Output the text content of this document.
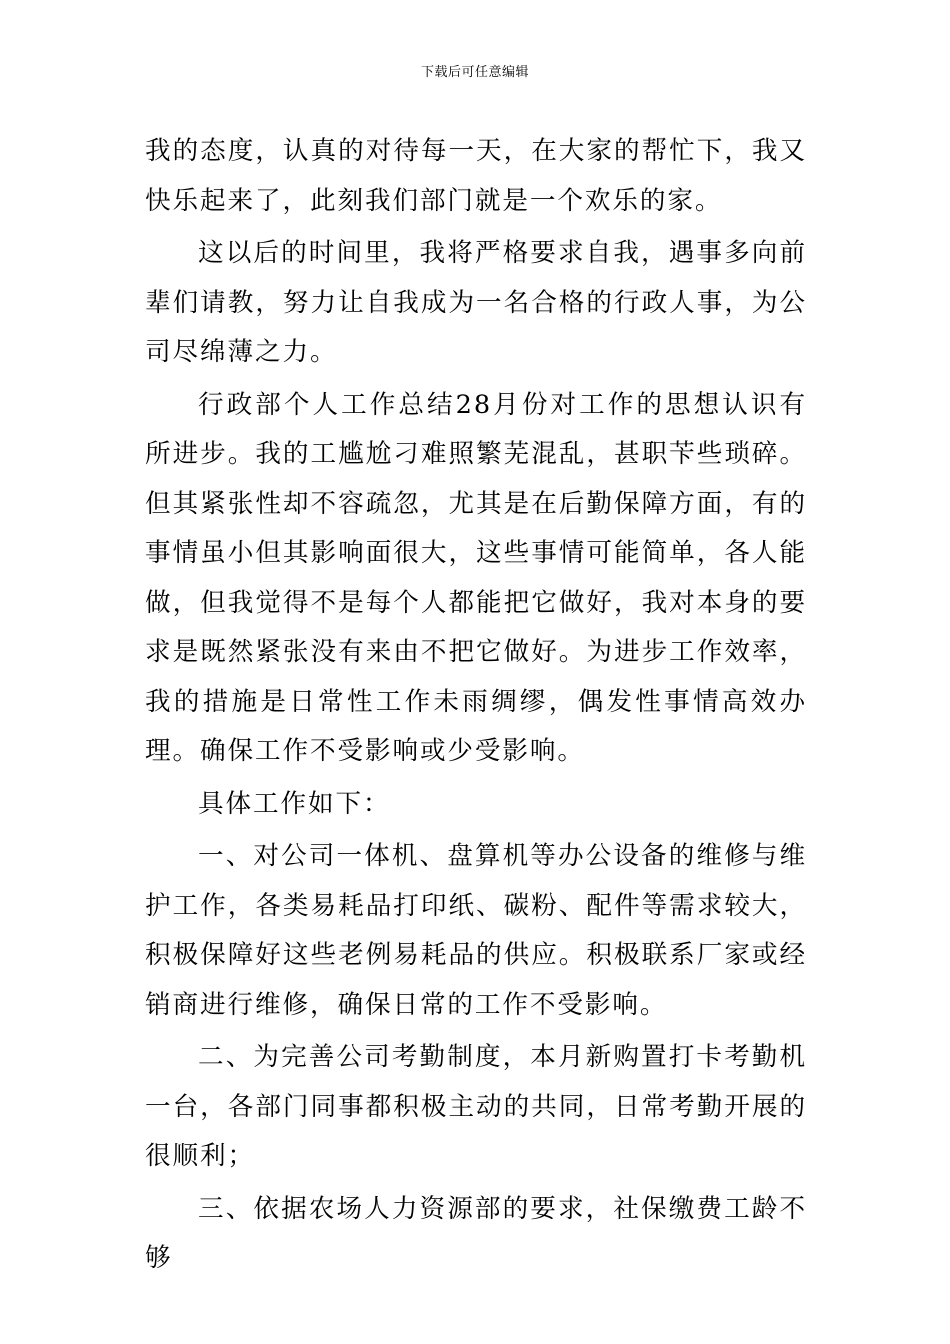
下载后可任意编辑

我的态度，认真的对待每一天，在大家的帮忙下，我又快乐起来了，此刻我们部门就是一个欢乐的家。

这以后的时间里，我将严格要求自我，遇事多向前辈们请教，努力让自我成为一名合格的行政人事，为公司尽绵薄之力。

行政部个人工作总结28月份对工作的思想认识有所进步。我的工尴尬刁难照繁芜混乱，甚职苄些琐碎。但其紧张性却不容疏忽，尤其是在后勤保障方面，有的事情虽小但其影响面很大，这些事情可能简单，各人能做，但我觉得不是每个人都能把它做好，我对本身的要求是既然紧张没有来由不把它做好。为进步工作效率，我的措施是日常性工作未雨绸缪，偶发性事情高效办理。确保工作不受影响或少受影响。

具体工作如下：

一、对公司一体机、盘算机等办公设备的维修与维护工作，各类易耗品打印纸、碳粉、配件等需求较大，积极保障好这些老例易耗品的供应。积极联系厂家或经销商进行维修，确保日常的工作不受影响。

二、为完善公司考勤制度，本月新购置打卡考勤机一台，各部门同事都积极主动的共同，日常考勤开展的很顺利；

三、依据农场人力资源部的要求，社保缴费工龄不够
